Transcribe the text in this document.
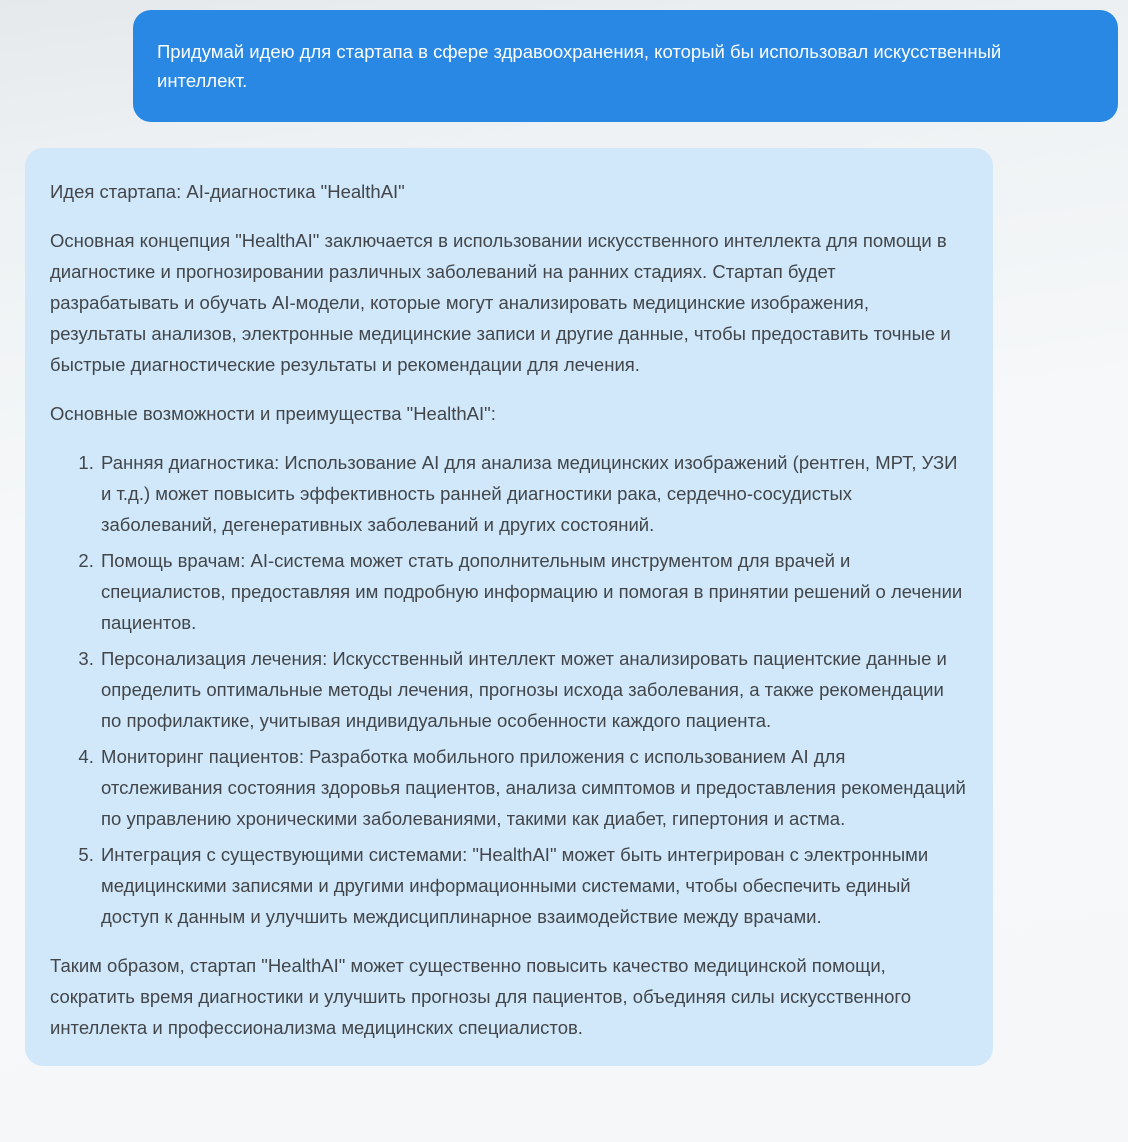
Придумай идею для стартапа в сфере здравоохранения, который бы использовал искусственный интеллект.

Идея стартапа: AI-диагностика "HealthAI"

Основная концепция "HealthAI" заключается в использовании искусственного интеллекта для помощи в диагностике и прогнозировании различных заболеваний на ранних стадиях. Стартап будет разрабатывать и обучать AI-модели, которые могут анализировать медицинские изображения, результаты анализов, электронные медицинские записи и другие данные, чтобы предоставить точные и быстрые диагностические результаты и рекомендации для лечения.

Основные возможности и преимущества "HealthAI":

1. Ранняя диагностика: Использование AI для анализа медицинских изображений (рентген, МРТ, УЗИ и т.д.) может повысить эффективность ранней диагностики рака, сердечно-сосудистых заболеваний, дегенеративных заболеваний и других состояний.
2. Помощь врачам: AI-система может стать дополнительным инструментом для врачей и специалистов, предоставляя им подробную информацию и помогая в принятии решений о лечении пациентов.
3. Персонализация лечения: Искусственный интеллект может анализировать пациентские данные и определить оптимальные методы лечения, прогнозы исхода заболевания, а также рекомендации по профилактике, учитывая индивидуальные особенности каждого пациента.
4. Мониторинг пациентов: Разработка мобильного приложения с использованием AI для отслеживания состояния здоровья пациентов, анализа симптомов и предоставления рекомендаций по управлению хроническими заболеваниями, такими как диабет, гипертония и астма.
5. Интеграция с существующими системами: "HealthAI" может быть интегрирован с электронными медицинскими записями и другими информационными системами, чтобы обеспечить единый доступ к данным и улучшить междисциплинарное взаимодействие между врачами.

Таким образом, стартап "HealthAI" может существенно повысить качество медицинской помощи, сократить время диагностики и улучшить прогнозы для пациентов, объединяя силы искусственного интеллекта и профессионализма медицинских специалистов.
